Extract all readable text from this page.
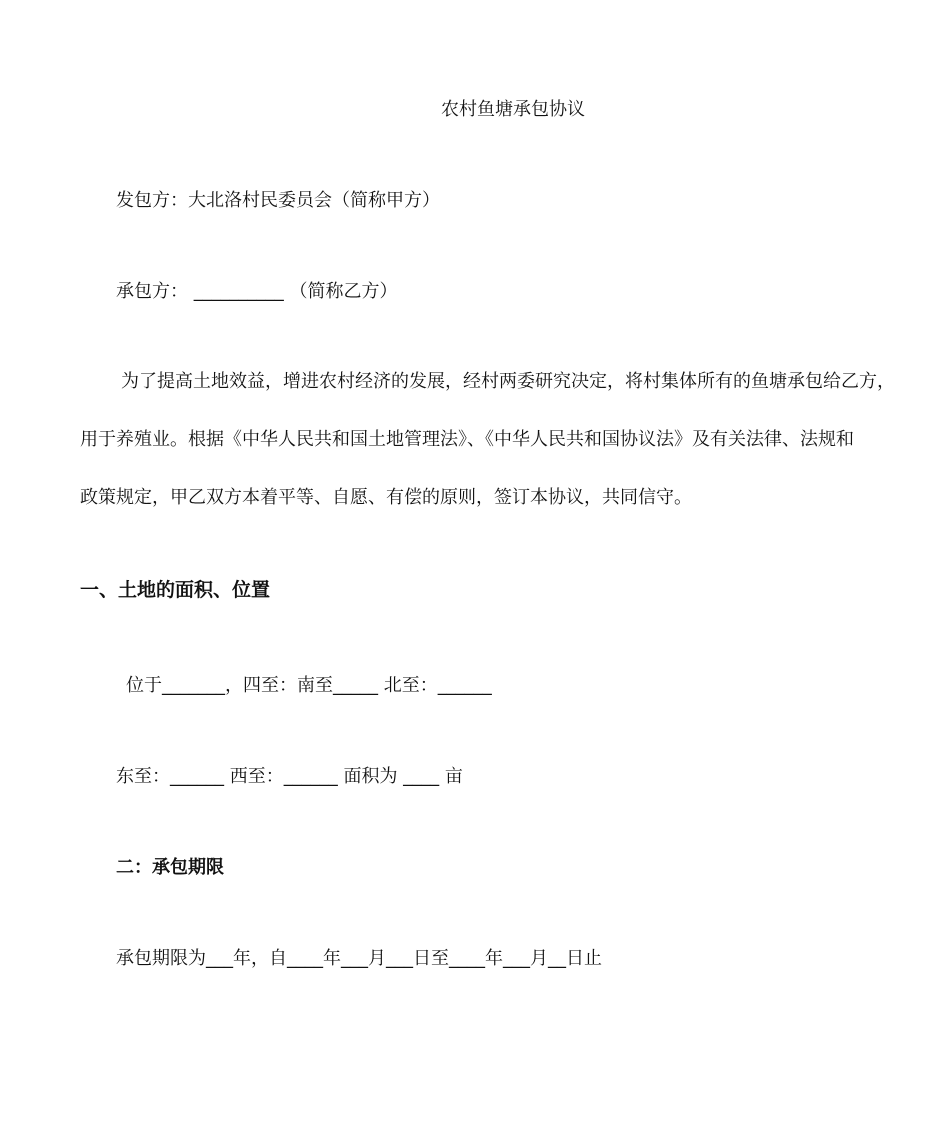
农村鱼塘承包协议
发包方：大北洛村民委员会（简称甲方）
承包方： __________ （简称乙方）
为了提高土地效益，增进农村经济的发展，经村两委研究决定，将村集体所有的鱼塘承包给乙方，
用于养殖业。根据《中华人民共和国土地管理法》、《中华人民共和国协议法》及有关法律、法规和
政策规定，甲乙双方本着平等、自愿、有偿的原则，签订本协议，共同信守。
一、土地的面积、位置
位于_______，四至：南至_____ 北至：______
东至：______ 西至：______ 面积为 ____ 亩
二：承包期限
承包期限为___年，自____年___月___日至____年___月__日止
